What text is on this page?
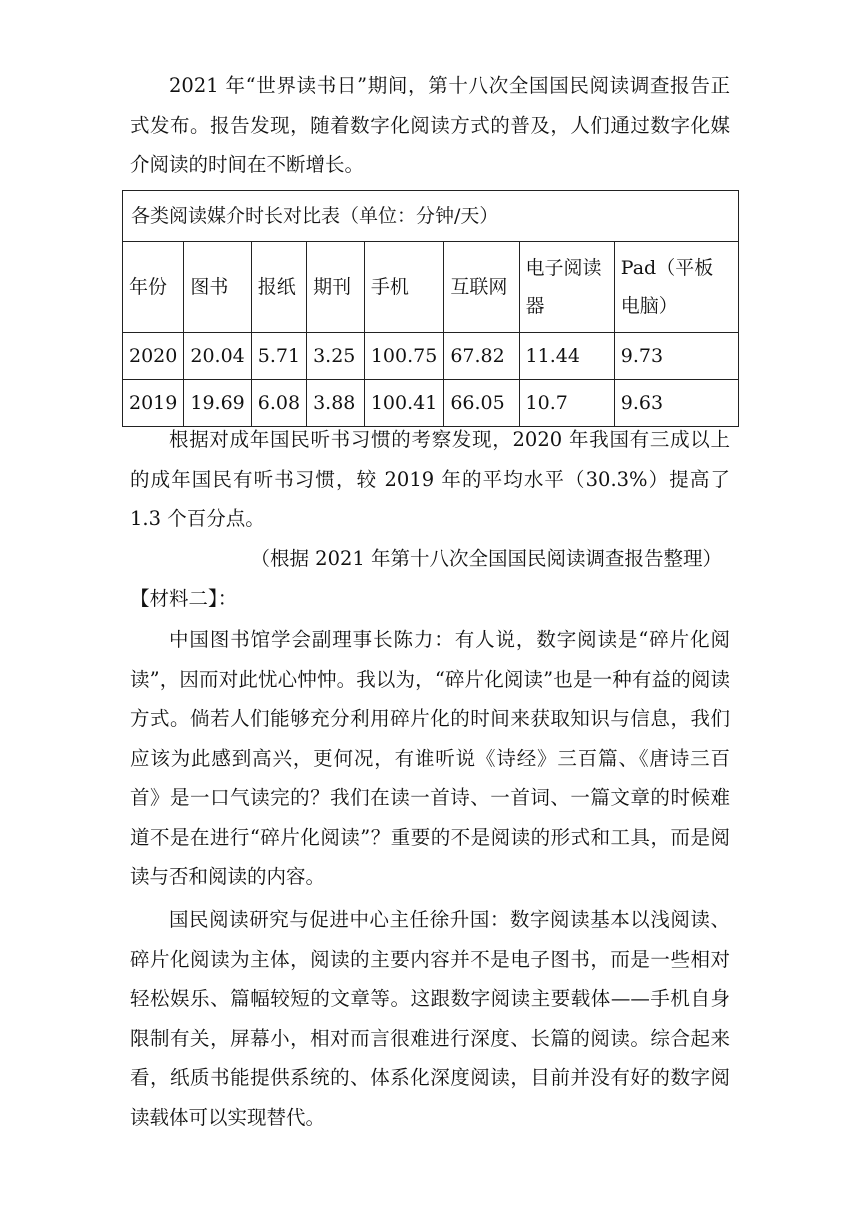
2021 年“世界读书日”期间，第十八次全国国民阅读调查报告正式发布。报告发现，随着数字化阅读方式的普及，人们通过数字化媒介阅读的时间在不断增长。

各类阅读媒介时长对比表（单位：分钟/天）							
年份	图书	报纸	期刊	手机	互联网	电子阅读器	Pad（平板电脑）
2020	20.04	5.71	3.25	100.75	67.82	11.44	9.73
2019	19.69	6.08	3.88	100.41	66.05	10.7	9.63

根据对成年国民听书习惯的考察发现，2020 年我国有三成以上的成年国民有听书习惯，较 2019 年的平均水平（30.3%）提高了 1.3 个百分点。

（根据 2021 年第十八次全国国民阅读调查报告整理）
【材料二】：

中国图书馆学会副理事长陈力：有人说，数字阅读是“碎片化阅读”，因而对此忧心忡忡。我以为，“碎片化阅读”也是一种有益的阅读方式。倘若人们能够充分利用碎片化的时间来获取知识与信息，我们应该为此感到高兴，更何况，有谁听说《诗经》三百篇、《唐诗三百首》是一口气读完的？我们在读一首诗、一首词、一篇文章的时候难道不是在进行“碎片化阅读”？重要的不是阅读的形式和工具，而是阅读与否和阅读的内容。

国民阅读研究与促进中心主任徐升国：数字阅读基本以浅阅读、碎片化阅读为主体，阅读的主要内容并不是电子图书，而是一些相对轻松娱乐、篇幅较短的文章等。这跟数字阅读主要载体——手机自身限制有关，屏幕小，相对而言很难进行深度、长篇的阅读。综合起来看，纸质书能提供系统的、体系化深度阅读，目前并没有好的数字阅读载体可以实现替代。
